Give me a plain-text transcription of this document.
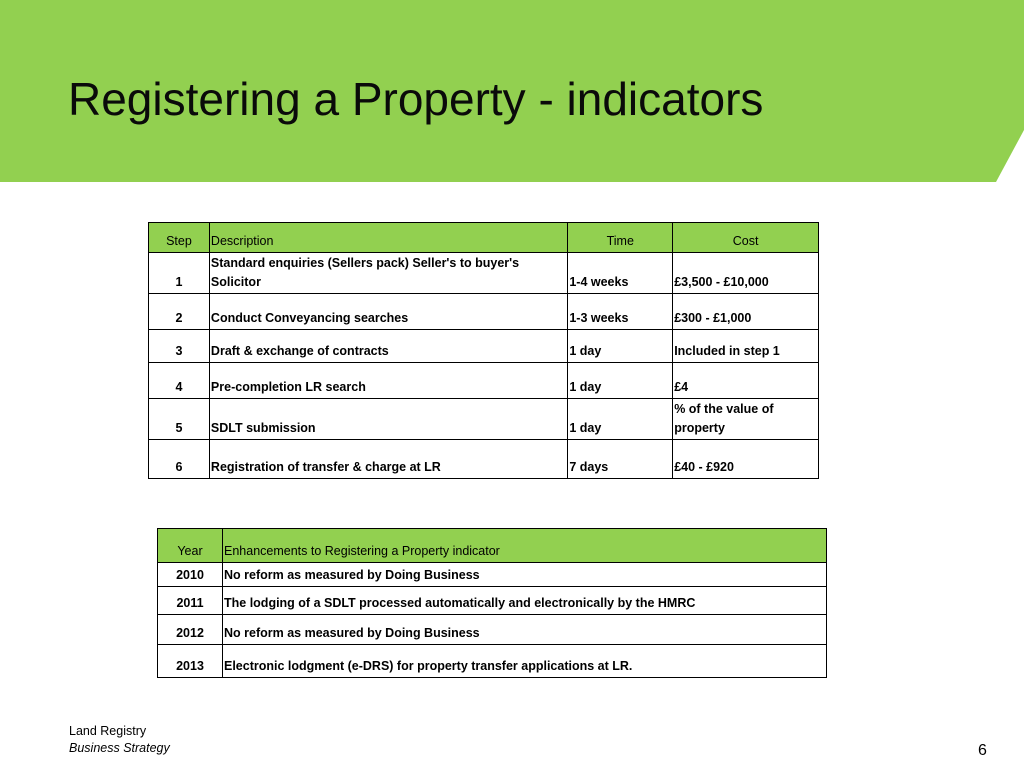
Registering a Property - indicators
Step	Description	Time	Cost
1	Standard enquiries (Sellers pack) Seller's to buyer's Solicitor	1-4 weeks	£3,500 - £10,000
2	Conduct Conveyancing searches	1-3 weeks	£300 - £1,000
3	Draft & exchange of contracts	1 day	Included in step 1
4	Pre-completion LR search	1 day	£4
5	SDLT submission	1 day	% of the value of property
6	Registration of transfer & charge at LR	7 days	£40 - £920
Year	Enhancements to Registering a Property indicator
2010	No reform as measured by Doing Business
2011	The lodging of a SDLT processed automatically and electronically by the HMRC
2012	No reform as measured by Doing Business
2013	Electronic lodgment (e-DRS) for property transfer applications at LR.
Land Registry
Business Strategy	6
